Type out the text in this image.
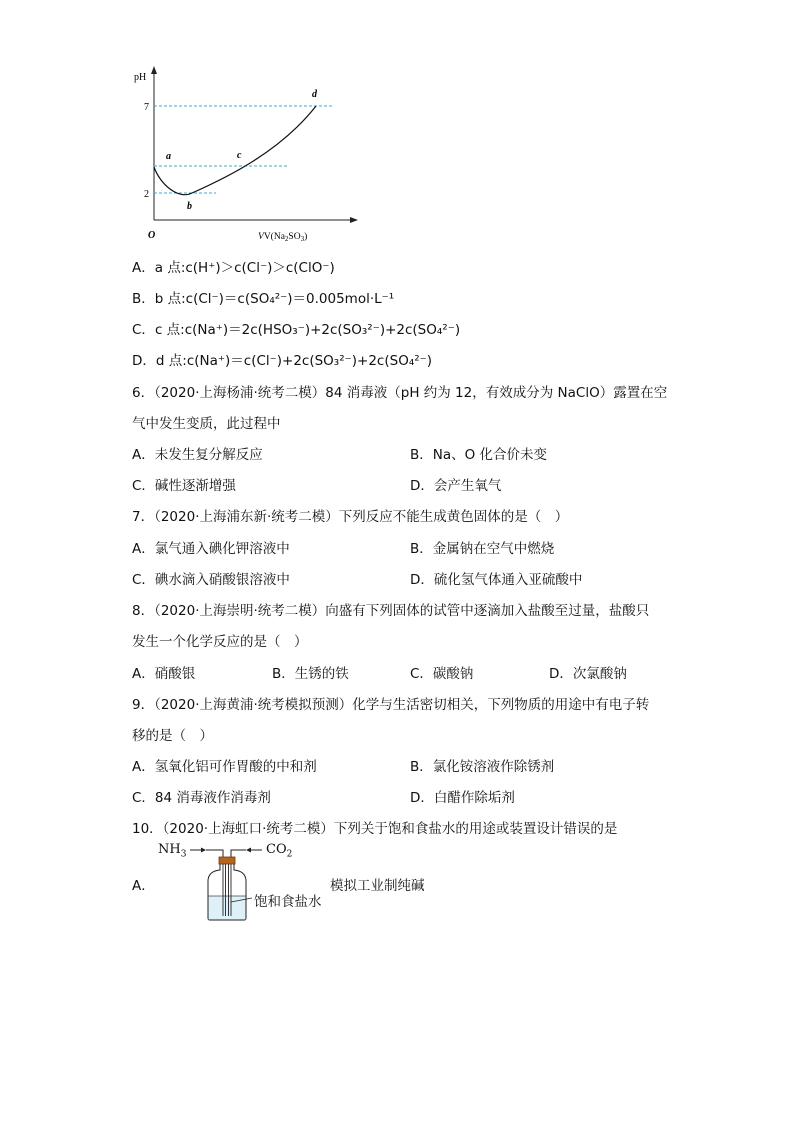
pH
7
2
O
a
b
c
d
$VV(Na_2SO_3)$
A．a 点:c(H⁺)＞c(Cl⁻)＞c(ClO⁻)
B．b 点:c(Cl⁻)＝c(SO₄²⁻)＝0.005mol·L⁻¹
C．c 点:c(Na⁺)＝2c(HSO₃⁻)+2c(SO₃²⁻)+2c(SO₄²⁻)
D．d 点:c(Na⁺)＝c(Cl⁻)+2c(SO₃²⁻)+2c(SO₄²⁻)
6．（2020·上海杨浦·统考二模）84 消毒液（pH 约为 12，有效成分为 NaClO）露置在空
气中发生变质，此过程中
A．未发生复分解反应	B．Na、O 化合价未变
C．碱性逐渐增强	D．会产生氧气
7．（2020·上海浦东新·统考二模）下列反应不能生成黄色固体的是（　）
A．氯气通入碘化钾溶液中	B．金属钠在空气中燃烧
C．碘水滴入硝酸银溶液中	D．硫化氢气体通入亚硫酸中
8．（2020·上海崇明·统考二模）向盛有下列固体的试管中逐滴加入盐酸至过量，盐酸只
发生一个化学反应的是（　）
A．硝酸银	B．生锈的铁	C．碳酸钠	D．次氯酸钠
9．（2020·上海黄浦·统考模拟预测）化学与生活密切相关，下列物质的用途中有电子转
移的是（　）
A．氢氧化铝可作胃酸的中和剂	B．氯化铵溶液作除锈剂
C．84 消毒液作消毒剂	D．白醋作除垢剂
10．（2020·上海虹口·统考二模）下列关于饱和食盐水的用途或装置设计错误的是
A．
$NH_3$	$CO_2$
饱和食盐水
模拟工业制纯碱
